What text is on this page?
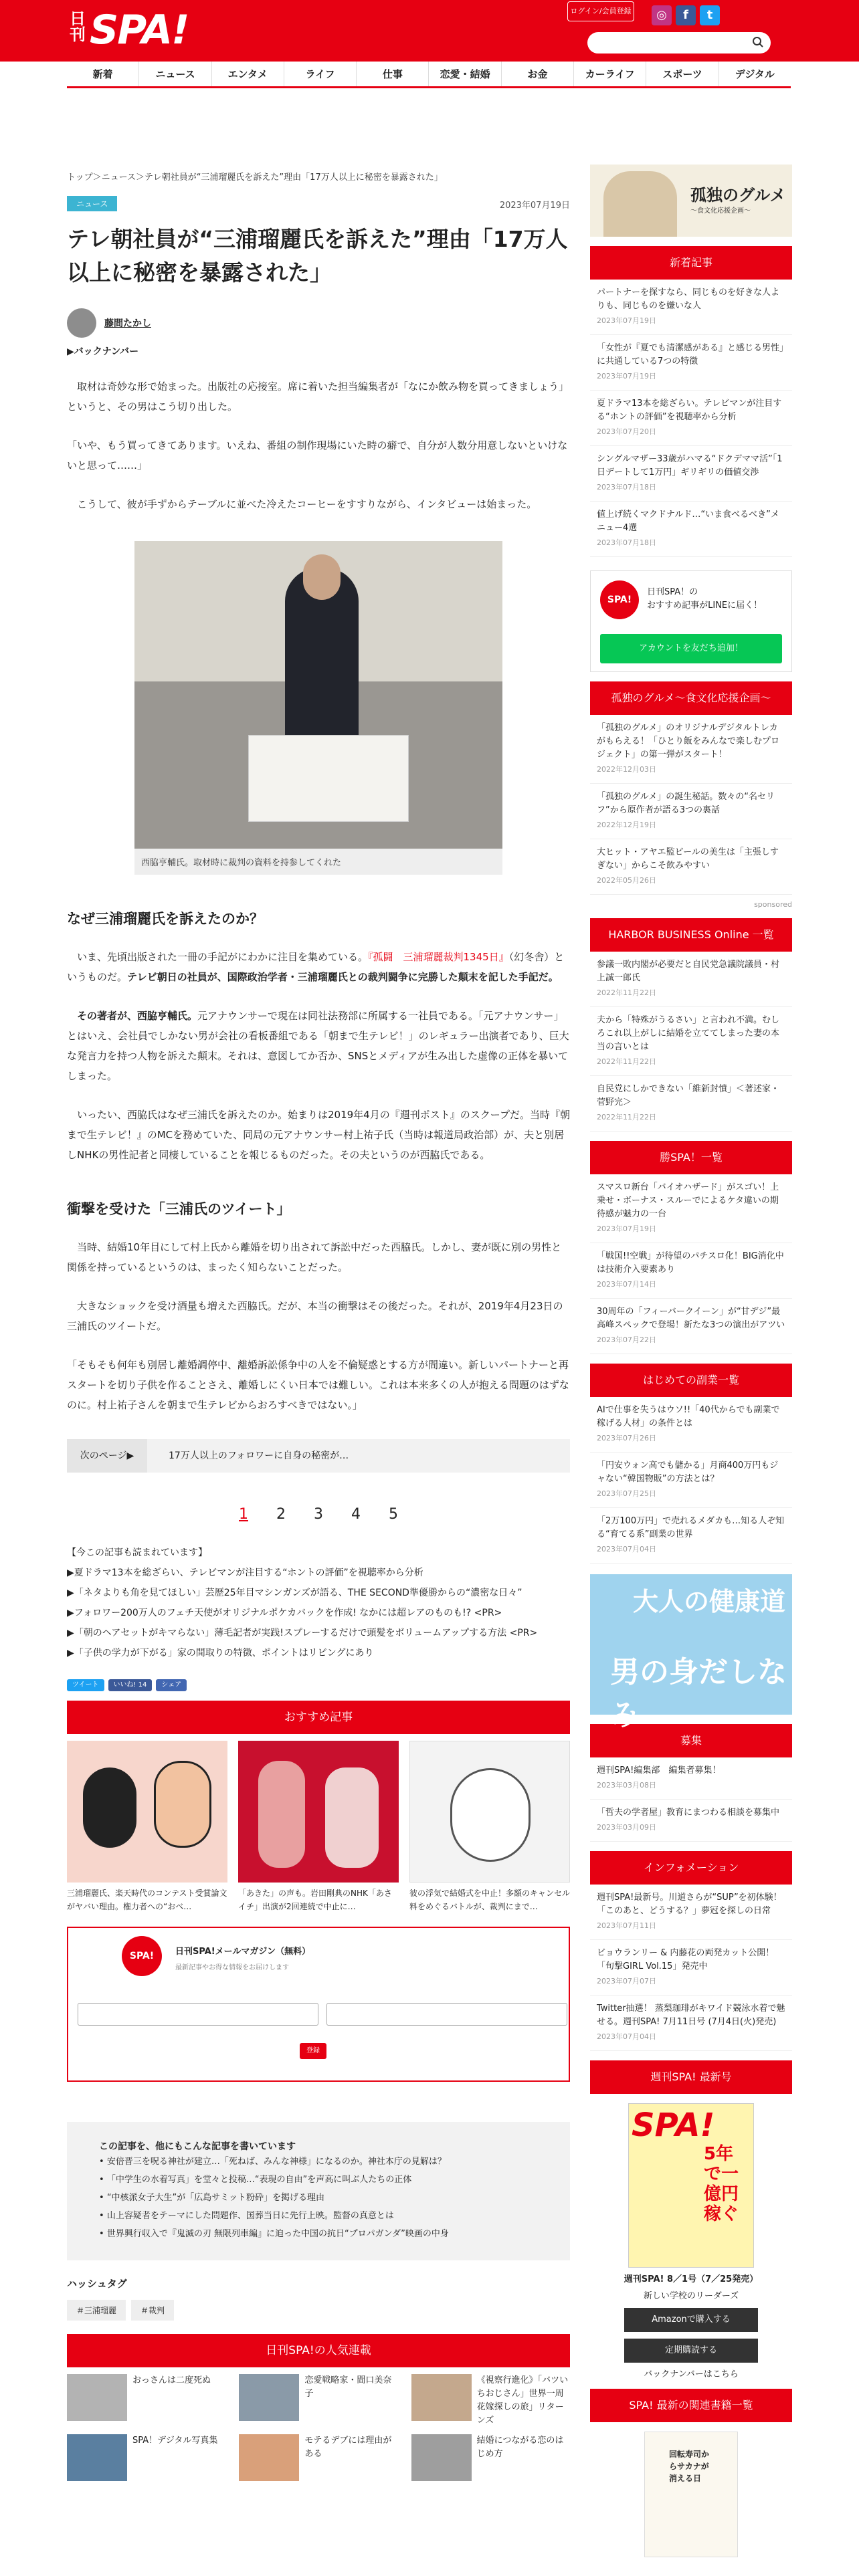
日刊 SPA!	ログイン/会員登録	◎	f	t
新着	ニュース	エンタメ	ライフ	仕事	恋愛・結婚	お金	カーライフ	スポーツ	デジタル
トップ＞ニュース＞テレ朝社員が“三浦瑠麗氏を訴えた”理由「17万人以上に秘密を暴露された」
ニュース	2023年07月19日
テレ朝社員が“三浦瑠麗氏を訴えた”理由「17万人以上に秘密を暴露された」
藤間たかし
▶バックナンバー

　取材は奇妙な形で始まった。出版社の応接室。席に着いた担当編集者が「なにか飲み物を買ってきましょう」というと、その男はこう切り出した。

「いや、もう買ってきてあります。いえね、番組の制作現場にいた時の癖で、自分が人数分用意しないといけないと思って……」

　こうして、彼が手ずからテーブルに並べた冷えたコーヒーをすすりながら、インタビューは始まった。

西脇亨輔氏。取材時に裁判の資料を持参してくれた
なぜ三浦瑠麗氏を訴えたのか？

　いま、先頃出版された一冊の手記がにわかに注目を集めている。『孤闘　三浦瑠麗裁判1345日』（幻冬舎）というものだ。テレビ朝日の社員が、国際政治学者・三浦瑠麗氏との裁判闘争に完勝した顛末を記した手記だ。

　その著者が、西脇亨輔氏。元アナウンサーで現在は同社法務部に所属する一社員である。「元アナウンサー」とはいえ、会社員でしかない男が会社の看板番組である「朝まで生テレビ！」のレギュラー出演者であり、巨大な発言力を持つ人物を訴えた顛末。それは、意図してか否か、SNSとメディアが生み出した虚像の正体を暴いてしまった。

　いったい、西脇氏はなぜ三浦氏を訴えたのか。始まりは2019年4月の『週刊ポスト』のスクープだ。当時『朝まで生テレビ！』のMCを務めていた、同局の元アナウンサー村上祐子氏（当時は報道局政治部）が、夫と別居しNHKの男性記者と同棲していることを報じるものだった。その夫というのが西脇氏である。

衝撃を受けた「三浦氏のツイート」

　当時、結婚10年目にして村上氏から離婚を切り出されて訴訟中だった西脇氏。しかし、妻が既に別の男性と関係を持っているというのは、まったく知らないことだった。

　大きなショックを受け酒量も増えた西脇氏。だが、本当の衝撃はその後だった。それが、2019年4月23日の三浦氏のツイートだ。

「そもそも何年も別居し離婚調停中、離婚訴訟係争中の人を不倫疑惑とする方が間違い。新しいパートナーと再スタートを切り子供を作ることさえ、離婚しにくい日本では難しい。これは本来多くの人が抱える問題のはずなのに。村上祐子さんを朝まで生テレビからおろすべきではない。」

次のページ▶	17万人以上のフォロワーに自身の秘密が…
1 2 3 4 5
【今この記事も読まれています】
▶夏ドラマ13本を総ざらい、テレビマンが注目する“ホントの評価”を視聴率から分析
▶「ネタよりも角を見てほしい」芸歴25年目マシンガンズが語る、THE SECOND準優勝からの“濃密な日々”
▶フォロワー200万人のフェチ天使がオリジナルポケカバックを作成! なかには超レアのものも!? <PR>
▶「朝のヘアセットがキマらない」薄毛記者が実践!スプレーするだけで頭髪をボリュームアップする方法 <PR>
▶「子供の学力が下がる」家の間取りの特徴、ポイントはリビングにあり
ツイート	いいね! 14	シェア
おすすめ記事
三浦瑠麗氏、楽天時代のコンテスト受賞論文がヤバい理由。権力者への“おべ…
「あきた」の声も。岩田剛典のNHK「あさイチ」出演が2回連続で中止に…
彼の浮気で結婚式を中止！多額のキャンセル料をめぐるバトルが、裁判にまで…
SPA!	日刊SPA!メールマガジン（無料）
最新記事やお得な情報をお届けします
登録
この記事を、他にもこんな記事を書いています
• 安倍晋三を呪る神社が建立…「死ねば、みんな神様」になるのか。神社本庁の見解は？
• 「中学生の水着写真」を堂々と投稿…“表現の自由”を声高に叫ぶ人たちの正体
• “中核派女子大生”が「広島サミット粉砕」を掲げる理由
• 山上容疑者をテーマにした問題作、国葬当日に先行上映。監督の真意とは
• 世界興行収入で『鬼滅の刃 無限列車編』に迫った中国の抗日“プロパガンダ”映画の中身
ハッシュタグ
＃三浦瑠麗	＃裁判
日刊SPA!の人気連載
おっさんは二度死ぬ	恋愛戦略家・間口美奈子
《視察行進化》「バツいちおじさん」世界一周花嫁探しの旅」リターンズ
SPA！デジタル写真集	モテるデブには理由がある
結婚につながる恋のはじめ方
孤独のグルメ
〜食文化応援企画〜
新着記事
パートナーを探すなら、同じものを好きな人よりも、同じものを嫌いな人
2023年07月19日
「女性が『夏でも清潔感がある』と感じる男性」に共通している7つの特徴
2023年07月19日
夏ドラマ13本を総ざらい。テレビマンが注目する“ホントの評価”を視聴率から分析
2023年07月20日
シングルマザー33歳がハマる“ドクデママ活”「1日デートして1万円」ギリギリの価値交渉
2023年07月18日
値上げ続くマクドナルド…“いま食べるべき”メニュー4選
2023年07月18日
SPA!
日刊SPA！の
おすすめ記事がLINEに届く！
アカウントを友だち追加！
孤独のグルメ〜食文化応援企画〜
「孤独のグルメ」のオリジナルデジタルトレカがもらえる！「ひとり飯をみんなで楽しむプロジェクト」の第一弾がスタート！
2022年12月03日
「孤独のグルメ」の誕生秘話。数々の“名セリフ”から原作者が語る3つの裏話
2022年12月19日
大ヒット・アヤエ監ビールの美生は「主張しすぎない」からこそ飲みやすい
2022年05月26日
sponsored
HARBOR BUSINESS Online 一覧
参議一敗内閣が必要だと自民党急議院議員・村上誠一郎氏
2022年11月22日
夫から「特殊がうるさい」と言われ不満。むしろこれ以上がしに結婚を立ててしまった妻の本当の言いとは
2022年11月22日
自民党にしかできない「維新封憤」＜著述家・菅野完＞
2022年11月22日
勝SPA！一覧
スマスロ新台「バイオハザード」がスゴい！上乗せ・ボーナス・スルーでによるケタ違いの期待感が魅力の一台
2023年07月19日
「戦国!!空戦」が待望のパチスロ化！BIG消化中は技術介入要素あり
2023年07月14日
30周年の「フィーバークイーン」が“甘デジ”最高峰スペックで登場！新たな3つの演出がアツい
2023年07月22日
はじめての副業一覧
AIで仕事を失うはウソ!!「40代からでも副業で稼げる人材」の条件とは
2023年07月26日
「円安ウォン高でも儲かる」月商400万円もジャない“韓国物販”の方法とは？
2023年07月25日
「2万100万円」で売れるメダカも…知る人ぞ知る“育てる系”副業の世界
2023年07月04日
大人の健康道
男の身だしなみ
募集
週刊SPA!編集部　編集者募集！
2023年03月08日
「哲夫の学者屋」教育にまつわる相談を募集中
2023年03月09日
インフォメーション
週刊SPA!最新号。川道さらが“SUP”を初体験！「このあと、どうする？」夢冠を探しの日常
2023年07月11日
ビョウランリー & 内藤花の両発カット公開！「旬撃GIRL Vol.15」発売中
2023年07月07日
Twitter抽選！ 蒸梨珈琲がキワイド競泳水着で魅せる。週刊SPA! 7月11日号 (7月4日(火)発売)
2023年07月04日
週刊SPA! 最新号
SPA!
5年で一億円稼ぐ
週刊SPA! 8／1号（7／25発売）
新しい学校のリーダーズ
Amazonで購入する
定期購読する
バックナンバーはこちら
SPA! 最新の関連書籍一覧
回転寿司からサカナが消える日
